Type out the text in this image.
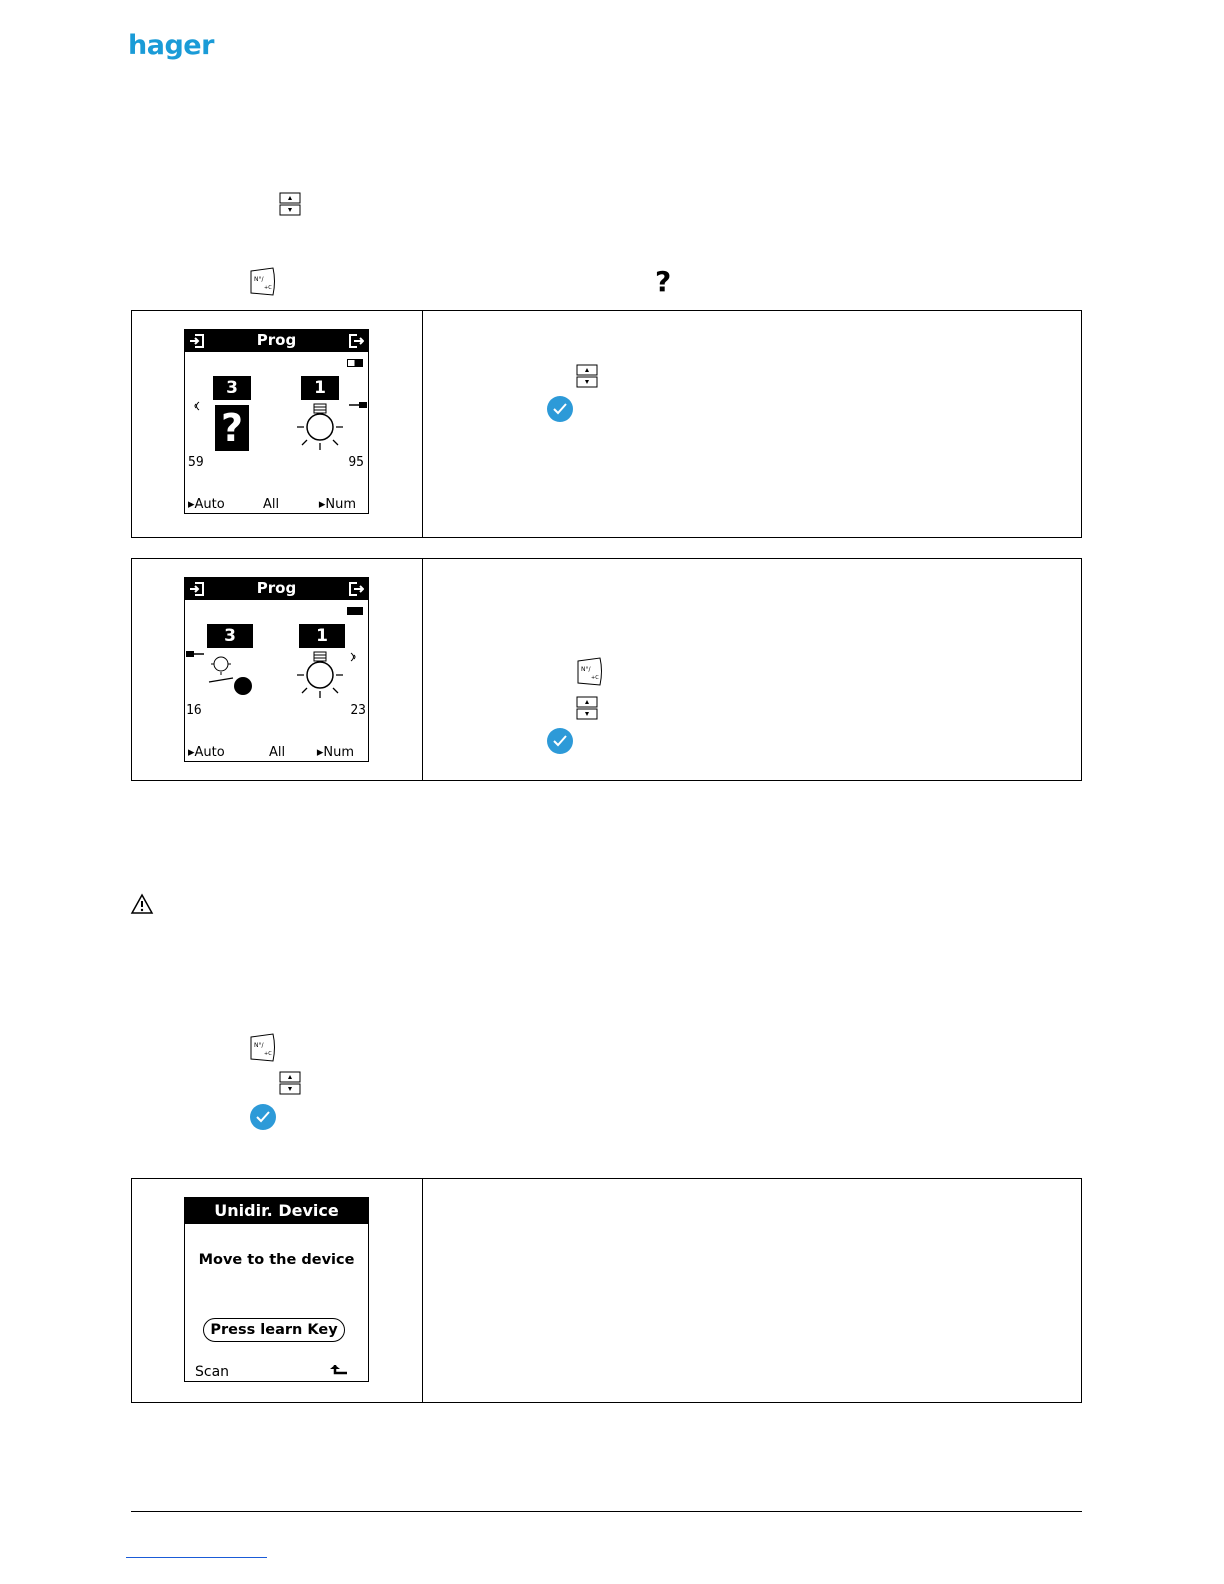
hager
N°/
+C	?
Prog
3	1
?
59	95
▸Auto	All	▸Num
Prog
3	1
16	23
▸Auto	All ▸Num
N°/
+C
N°/
+C
Unidir. Device
Move to the device
Press learn Key
Scan
